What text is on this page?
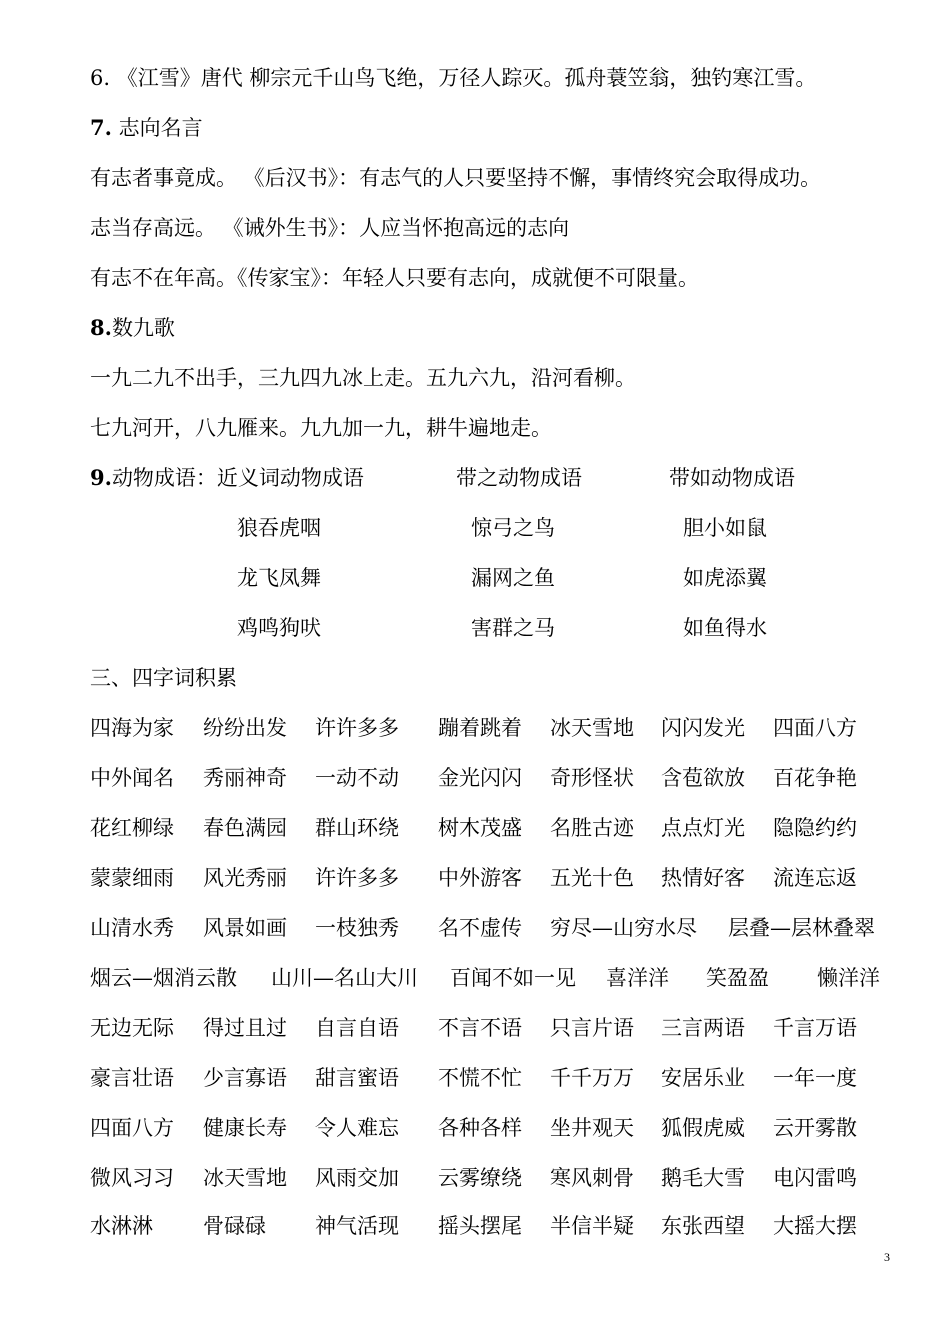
6. 《江雪》唐代 柳宗元千山鸟飞绝，万径人踪灭。孤舟蓑笠翁，独钓寒江雪。
7. 志向名言
有志者事竟成。 《后汉书》：有志气的人只要坚持不懈，事情终究会取得成功。
志当存高远。 《诫外生书》：人应当怀抱高远的志向
有志不在年高。《传家宝》：年轻人只要有志向，成就便不可限量。
8.数九歌
一九二九不出手，三九四九冰上走。五九六九，沿河看柳。
七九河开，八九雁来。九九加一九，耕牛遍地走。
9.动物成语：近义词动物成语	带之动物成语	带如动物成语
狼吞虎咽
龙飞凤舞
鸡鸣狗吠
惊弓之鸟
漏网之鱼
害群之马
胆小如鼠
如虎添翼
如鱼得水
三、四字词积累
四海为家 纷纷出发 许许多多 蹦着跳着 冰天雪地 闪闪发光 四面八方
中外闻名 秀丽神奇 一动不动 金光闪闪 奇形怪状 含苞欲放 百花争艳
花红柳绿 春色满园 群山环绕 树木茂盛 名胜古迹 点点灯光 隐隐约约
蒙蒙细雨 风光秀丽 许许多多 中外游客 五光十色 热情好客 流连忘返
山清水秀 风景如画 一枝独秀 名不虚传 穷尽—山穷水尽 层叠—层林叠翠
烟云—烟消云散 山川—名山大川 百闻不如一见 喜洋洋 笑盈盈 懒洋洋
无边无际 得过且过 自言自语 不言不语 只言片语 三言两语 千言万语
豪言壮语 少言寡语 甜言蜜语 不慌不忙 千千万万 安居乐业 一年一度
四面八方 健康长寿 令人难忘 各种各样 坐井观天 狐假虎威 云开雾散
微风习习 冰天雪地 风雨交加 云雾缭绕 寒风刺骨 鹅毛大雪 电闪雷鸣
水淋淋 骨碌碌 神气活现 摇头摆尾 半信半疑 东张西望 大摇大摆
3
